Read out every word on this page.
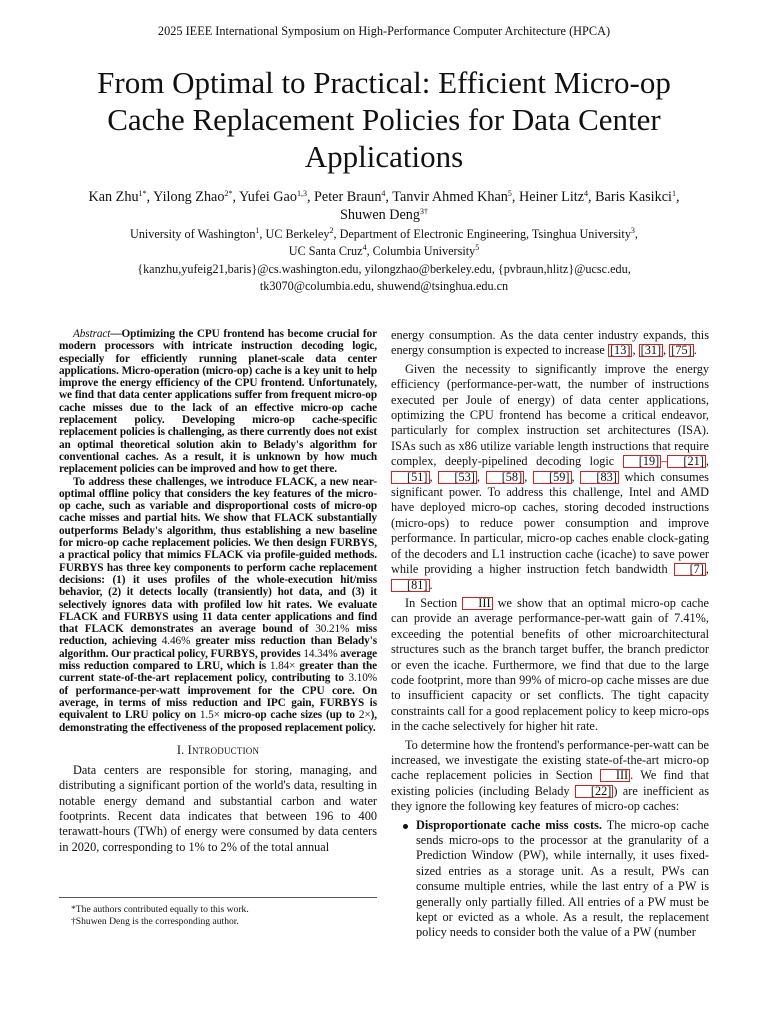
2025 IEEE International Symposium on High-Performance Computer Architecture (HPCA)
From Optimal to Practical: Efficient Micro-op
Cache Replacement Policies for Data Center
Applications
Kan Zhu$^{1*}$, Yilong Zhao$^{2*}$, Yufei Gao$^{1,3}$, Peter Braun$^4$, Tanvir Ahmed Khan$^5$, Heiner Litz$^4$, Baris Kasikci$^1$,
Shuwen Deng$^{3\dagger}$
University of Washington$^1$, UC Berkeley$^2$, Department of Electronic Engineering, Tsinghua University$^3$,
UC Santa Cruz$^4$, Columbia University$^5$
{kanzhu,yufeig21,baris}@cs.washington.edu, yilongzhao@berkeley.edu, {pvbraun,hlitz}@ucsc.edu,
tk3070@columbia.edu, shuwend@tsinghua.edu.cn

Abstract—Optimizing the CPU frontend has become crucial for modern processors with intricate instruction decoding logic, especially for efficiently running planet-scale data center applications. Micro-operation (micro-op) cache is a key unit to help improve the energy efficiency of the CPU frontend. Unfortunately, we find that data center applications suffer from frequent micro-op cache misses due to the lack of an effective micro-op cache replacement policy. Developing micro-op cache-specific replacement policies is challenging, as there currently does not exist an optimal theoretical solution akin to Belady's algorithm for conventional caches. As a result, it is unknown by how much replacement policies can be improved and how to get there.

To address these challenges, we introduce FLACK, a new near-optimal offline policy that considers the key features of the micro-op cache, such as variable and disproportional costs of micro-op cache misses and partial hits. We show that FLACK substantially outperforms Belady's algorithm, thus establishing a new baseline for micro-op cache replacement policies. We then design FURBYS, a practical policy that mimics FLACK via profile-guided methods. FURBYS has three key components to perform cache replacement decisions: (1) it uses profiles of the whole-execution hit/miss behavior, (2) it detects locally (transiently) hot data, and (3) it selectively ignores data with profiled low hit rates. We evaluate FLACK and FURBYS using 11 data center applications and find that FLACK demonstrates an average bound of 30.21% miss reduction, achieving 4.46% greater miss reduction than Belady's algorithm. Our practical policy, FURBYS, provides 14.34% average miss reduction compared to LRU, which is 1.84× greater than the current state-of-the-art replacement policy, contributing to 3.10% of performance-per-watt improvement for the CPU core. On average, in terms of miss reduction and IPC gain, FURBYS is equivalent to LRU policy on 1.5× micro-op cache sizes (up to 2×), demonstrating the effectiveness of the proposed replacement policy.

I. Introduction

Data centers are responsible for storing, managing, and distributing a significant portion of the world's data, resulting in notable energy demand and substantial carbon and water footprints. Recent data indicates that between 196 to 400 terawatt-hours (TWh) of energy were consumed by data centers in 2020, corresponding to 1% to 2% of the total annual

*The authors contributed equally to this work.
†Shuwen Deng is the corresponding author.

energy consumption. As the data center industry expands, this energy consumption is expected to increase [13] , [31] , [75] .

Given the necessity to significantly improve the energy efficiency (performance-per-watt, the number of instructions executed per Joule of energy) of data center applications, optimizing the CPU frontend has become a critical endeavor, particularly for complex instruction set architectures (ISA). ISAs such as x86 utilize variable length instructions that require complex, deeply-pipelined decoding logic [19] – [21] , [51] , [53] , [58] , [59] , [83] which consumes significant power. To address this challenge, Intel and AMD have deployed micro-op caches, storing decoded instructions (micro-ops) to reduce power consumption and improve performance. In particular, micro-op caches enable clock-gating of the decoders and L1 instruction cache (icache) to save power while providing a higher instruction fetch bandwidth [7] , [81] .

In Section III we show that an optimal micro-op cache can provide an average performance-per-watt gain of 7.41%, exceeding the potential benefits of other microarchitectural structures such as the branch target buffer, the branch predictor or even the icache. Furthermore, we find that due to the large code footprint, more than 99% of micro-op cache misses are due to insufficient capacity or set conflicts. The tight capacity constraints call for a good replacement policy to keep micro-ops in the cache selectively for higher hit rate.

To determine how the frontend's performance-per-watt can be increased, we investigate the existing state-of-the-art micro-op cache replacement policies in Section III . We find that existing policies (including Belady [22] ) are inefficient as they ignore the following key features of micro-op caches:

Disproportionate cache miss costs. The micro-op cache sends micro-ops to the processor at the granularity of a Prediction Window (PW), while internally, it uses fixed-sized entries as a storage unit. As a result, PWs can consume multiple entries, while the last entry of a PW is generally only partially filled. All entries of a PW must be kept or evicted as a whole. As a result, the replacement policy needs to consider both the value of a PW (number
